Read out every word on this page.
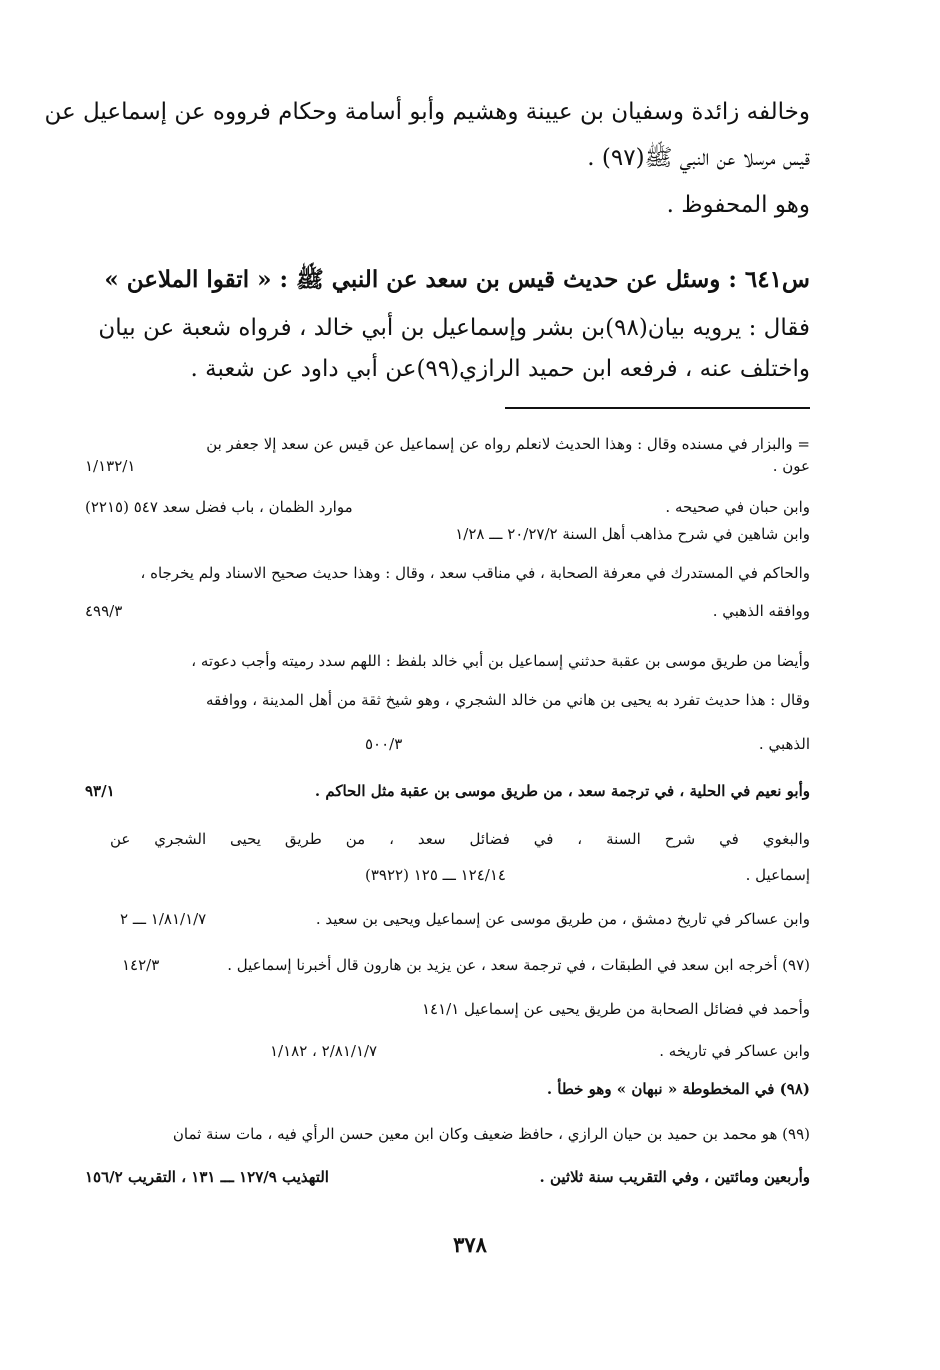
وخالفه زائدة وسفيان بن عيينة وهشيم وأبو أسامة وحكام فرووه عن إسماعيل عن
قيس مرسلا عن النبي ﷺ(٩٧) .
وهو المحفوظ .
س٦٤١ : وسئل عن حديث قيس بن سعد عن النبي ﷺ : « اتقوا الملاعن »
فقال : يرويه بيان(٩٨)بن بشر وإسماعيل بن أبي خالد ، فرواه شعبة عن بيان
واختلف عنه ، فرفعه ابن حميد الرازي(٩٩)عن أبي داود عن شعبة .
= والبزار في مسنده وقال : وهذا الحديث لانعلم رواه عن إسماعيل عن قيس عن سعد إلا جعفر بن
عون .
١/١٣٢/١
وابن حبان في صحيحه .
موارد الظمان ، باب فضل سعد ٥٤٧ (٢٢١٥)
وابن شاهين في شرح مذاهب أهل السنة ٢٠/٢٧/٢ ـــ ١/٢٨
والحاكم في المستدرك في معرفة الصحابة ، في مناقب سعد ، وقال : وهذا حديث صحيح الاسناد ولم يخرجاه ،
ووافقه الذهبي .
٤٩٩/٣
وأيضا من طريق موسى بن عقبة حدثني إسماعيل بن أبي خالد بلفظ : اللهم سدد رميته وأجب دعوته ،
وقال : هذا حديث تفرد به يحيى بن هاني من خالد الشجري ، وهو شيخ ثقة من أهل المدينة ، ووافقه
الذهبي .
٥٠٠/٣
وأبو نعيم في الحلية ، في ترجمة سعد ، من طريق موسى بن عقبة مثل الحاكم .
٩٣/١
والبغوي في شرح السنة ، في فضائل سعد ، من طريق يحيى الشجري عن
إسماعيل .
١٢٤/١٤ ـــ ١٢٥ (٣٩٢٢)
وابن عساكر في تاريخ دمشق ، من طريق موسى عن إسماعيل ويحيى بن سعيد .
١/٨١/١/٧ ـــ ٢
(٩٧) أخرجه ابن سعد في الطبقات ، في ترجمة سعد ، عن يزيد بن هارون قال أخبرنا إسماعيل .
١٤٢/٣
وأحمد في فضائل الصحابة من طريق يحيى عن إسماعيل ١٤١/١
وابن عساكر في تاريخه .
٢/٨١/١/٧ ، ١/١٨٢
(٩٨) في المخطوطة « نبهان » وهو خطأ .
(٩٩) هو محمد بن حميد بن حيان الرازي ، حافظ ضعيف وكان ابن معين حسن الرأي فيه ، مات سنة ثمان
وأربعين ومائتين ، وفي التقريب سنة ثلاثين .
التهذيب ١٢٧/٩ ـــ ١٣١ ، التقريب ١٥٦/٢
٣٧٨
